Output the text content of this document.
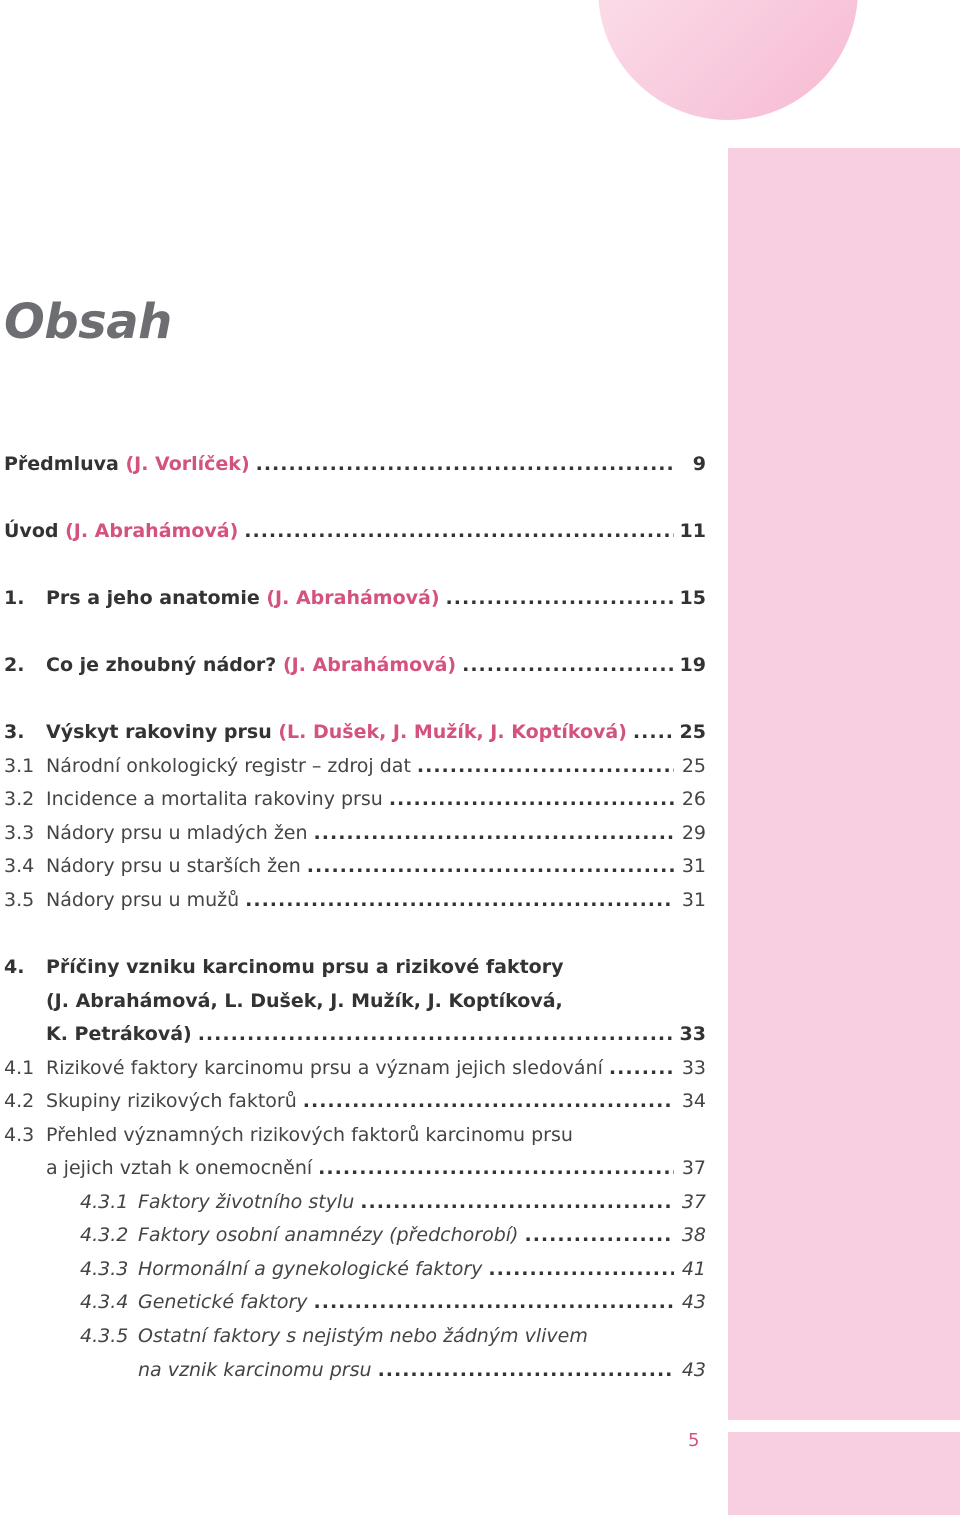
Obsah
Předmluva (J. Vorlíček) .....	9
Úvod (J. Abrahámová) .....	11
1.	Prs a jeho anatomie (J. Abrahámová) .....	15
2.	Co je zhoubný nádor? (J. Abrahámová) .....	19
3.	Výskyt rakoviny prsu (L. Dušek, J. Mužík, J. Koptíková) .....	25
3.1 Národní onkologický registr – zdroj dat .....	25
3.2 Incidence a mortalita rakoviny prsu .....	26
3.3 Nádory prsu u mladých žen .....	29
3.4 Nádory prsu u starších žen .....	31
3.5 Nádory prsu u mužů .....	31
4.	Příčiny vzniku karcinomu prsu a rizikové faktory
(J. Abrahámová, L. Dušek, J. Mužík, J. Koptíková,
K. Petráková) .....	33
4.1 Rizikové faktory karcinomu prsu a význam jejich sledování .....	33
4.2 Skupiny rizikových faktorů .....	34
4.3 Přehled významných rizikových faktorů karcinomu prsu
a jejich vztah k onemocnění .....	37
4.3.1 Faktory životního stylu .....	37
4.3.2 Faktory osobní anamnézy (předchorobí) .....	38
4.3.3 Hormonální a gynekologické faktory .....	41
4.3.4 Genetické faktory .....	43
4.3.5 Ostatní faktory s nejistým nebo žádným vlivem
na vznik karcinomu prsu .....	43
5
